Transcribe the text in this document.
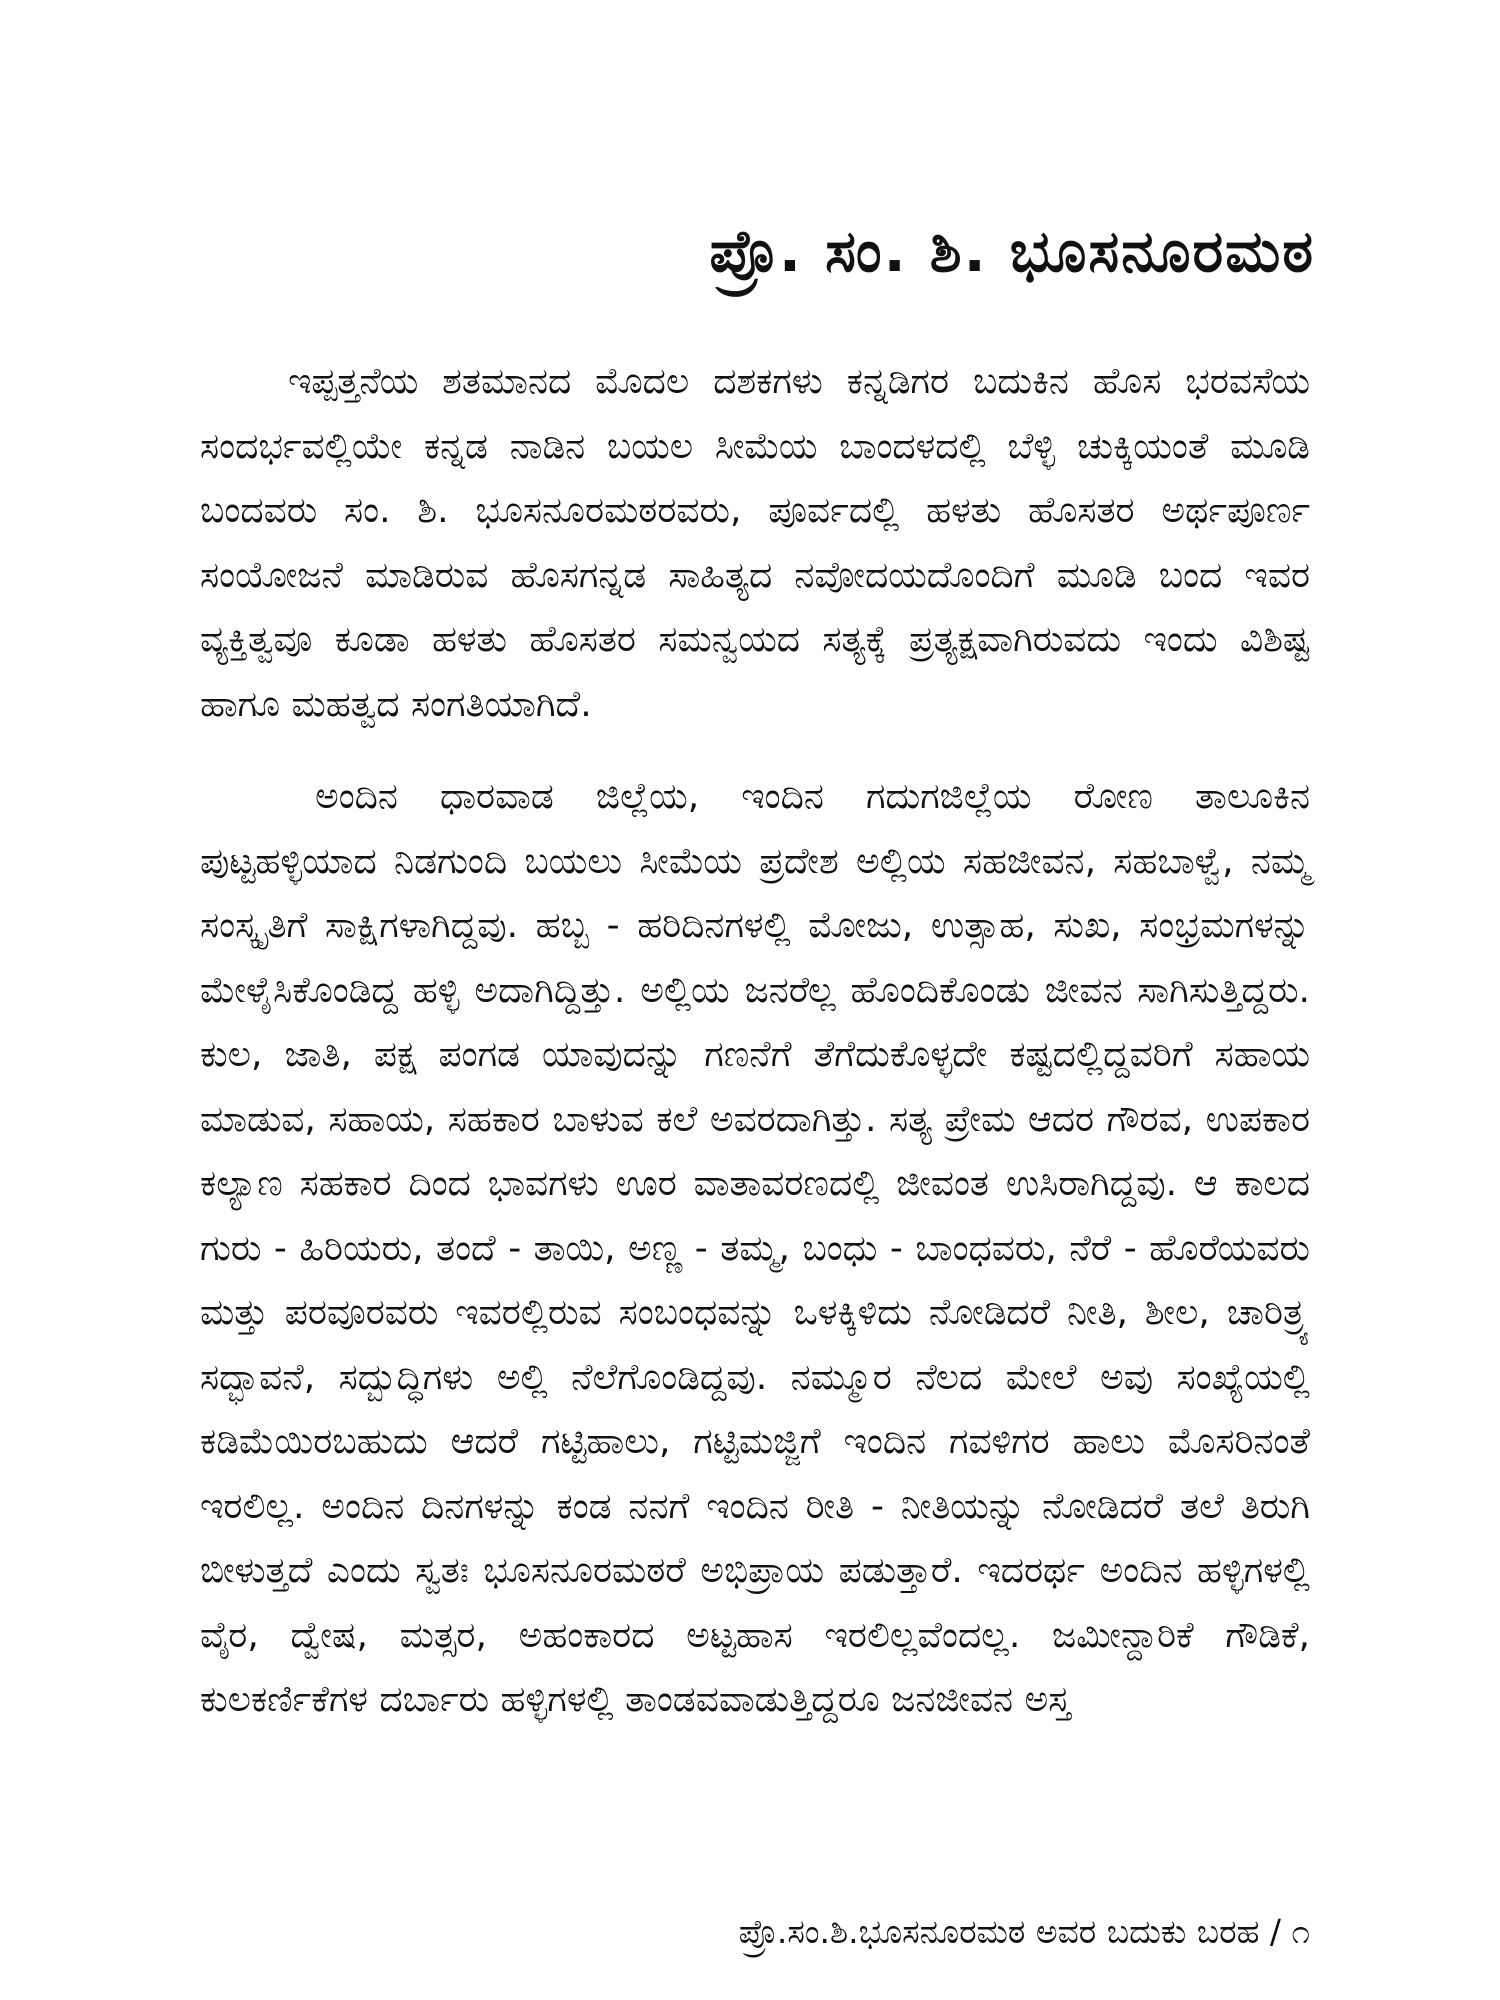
ಪ್ರೊ. ಸಂ. ಶಿ. ಭೂಸನೂರಮಠ

ಇಪ್ಪತ್ತನೆಯ ಶತಮಾನದ ಮೊದಲ ದಶಕಗಳು ಕನ್ನಡಿಗರ ಬದುಕಿನ ಹೊಸ ಭರವಸೆಯ ಸಂದರ್ಭವಲ್ಲಿಯೇ ಕನ್ನಡ ನಾಡಿನ ಬಯಲ ಸೀಮೆಯ ಬಾಂದಳದಲ್ಲಿ ಬೆಳ್ಳಿ ಚುಕ್ಕಿಯಂತೆ ಮೂಡಿ ಬಂದವರು ಸಂ. ಶಿ. ಭೂಸನೂರಮಠರವರು, ಪೂರ್ವದಲ್ಲಿ ಹಳತು ಹೊಸತರ ಅರ್ಥಪೂರ್ಣ ಸಂಯೋಜನೆ ಮಾಡಿರುವ ಹೊಸಗನ್ನಡ ಸಾಹಿತ್ಯದ ನವೋದಯದೊಂದಿಗೆ ಮೂಡಿ ಬಂದ ಇವರ ವ್ಯಕ್ತಿತ್ವವೂ ಕೂಡಾ ಹಳತು ಹೊಸತರ ಸಮನ್ವಯದ ಸತ್ಯಕ್ಕೆ ಪ್ರತ್ಯಕ್ಷವಾಗಿರುವದು ಇಂದು ವಿಶಿಷ್ಟ ಹಾಗೂ ಮಹತ್ವದ ಸಂಗತಿಯಾಗಿದೆ.

ಅಂದಿನ ಧಾರವಾಡ ಜಿಲ್ಲೆಯ, ಇಂದಿನ ಗದುಗಜಿಲ್ಲೆಯ ರೋಣ ತಾಲೂಕಿನ ಪುಟ್ಟಹಳ್ಳಿಯಾದ ನಿಡಗುಂದಿ ಬಯಲು ಸೀಮೆಯ ಪ್ರದೇಶ ಅಲ್ಲಿಯ ಸಹಜೀವನ, ಸಹಬಾಳ್ವೆ, ನಮ್ಮ ಸಂಸ್ಕೃತಿಗೆ ಸಾಕ್ಷಿಗಳಾಗಿದ್ದವು. ಹಬ್ಬ - ಹರಿದಿನಗಳಲ್ಲಿ ಮೋಜು, ಉತ್ಸಾಹ, ಸುಖ, ಸಂಭ್ರಮಗಳನ್ನು ಮೇಳೈಸಿಕೊಂಡಿದ್ದ ಹಳ್ಳಿ ಅದಾಗಿದ್ದಿತ್ತು. ಅಲ್ಲಿಯ ಜನರೆಲ್ಲ ಹೊಂದಿಕೊಂಡು ಜೀವನ ಸಾಗಿಸುತ್ತಿದ್ದರು. ಕುಲ, ಜಾತಿ, ಪಕ್ಷ ಪಂಗಡ ಯಾವುದನ್ನು ಗಣನೆಗೆ ತೆಗೆದುಕೊಳ್ಳದೇ ಕಷ್ಟದಲ್ಲಿದ್ದವರಿಗೆ ಸಹಾಯ ಮಾಡುವ, ಸಹಾಯ, ಸಹಕಾರ ಬಾಳುವ ಕಲೆ ಅವರದಾಗಿತ್ತು. ಸತ್ಯ ಪ್ರೇಮ ಆದರ ಗೌರವ, ಉಪಕಾರ ಕಲ್ಯಾಣ ಸಹಕಾರ ದಿಂದ ಭಾವಗಳು ಊರ ವಾತಾವರಣದಲ್ಲಿ ಜೀವಂತ ಉಸಿರಾಗಿದ್ದವು. ಆ ಕಾಲದ ಗುರು - ಹಿರಿಯರು, ತಂದೆ - ತಾಯಿ, ಅಣ್ಣ - ತಮ್ಮ, ಬಂಧು - ಬಾಂಧವರು, ನೆರೆ - ಹೊರೆಯವರು ಮತ್ತು ಪರವೂರವರು ಇವರಲ್ಲಿರುವ ಸಂಬಂಧವನ್ನು ಒಳಕ್ಕಿಳಿದು ನೋಡಿದರೆ ನೀತಿ, ಶೀಲ, ಚಾರಿತ್ರ್ಯ ಸದ್ಭಾವನೆ, ಸದ್ಬುದ್ಧಿಗಳು ಅಲ್ಲಿ ನೆಲೆಗೊಂಡಿದ್ದವು. ನಮ್ಮೂರ ನೆಲದ ಮೇಲೆ ಅವು ಸಂಖ್ಯೆಯಲ್ಲಿ ಕಡಿಮೆಯಿರಬಹುದು ಆದರೆ ಗಟ್ಟಿಹಾಲು, ಗಟ್ಟಿಮಜ್ಜಿಗೆ ಇಂದಿನ ಗವಳಿಗರ ಹಾಲು ಮೊಸರಿನಂತೆ ಇರಲಿಲ್ಲ. ಅಂದಿನ ದಿನಗಳನ್ನು ಕಂಡ ನನಗೆ ಇಂದಿನ ರೀತಿ - ನೀತಿಯನ್ನು ನೋಡಿದರೆ ತಲೆ ತಿರುಗಿ ಬೀಳುತ್ತದೆ ಎಂದು ಸ್ವತಃ ಭೂಸನೂರಮಠರೆ ಅಭಿಪ್ರಾಯ ಪಡುತ್ತಾರೆ. ಇದರರ್ಥ ಅಂದಿನ ಹಳ್ಳಿಗಳಲ್ಲಿ ವೈರ, ದ್ವೇಷ, ಮತ್ಸರ, ಅಹಂಕಾರದ ಅಟ್ಟಹಾಸ ಇರಲಿಲ್ಲವೆಂದಲ್ಲ. ಜಮೀನ್ದಾರಿಕೆ ಗೌಡಿಕೆ, ಕುಲಕರ್ಣಿಕೆಗಳ ದರ್ಬಾರು ಹಳ್ಳಿಗಳಲ್ಲಿ ತಾಂಡವವಾಡುತ್ತಿದ್ದರೂ ಜನಜೀವನ ಅಸ್ತ

ಪ್ರೊ.ಸಂ.ಶಿ.ಭೂಸನೂರಮಠ ಅವರ ಬದುಕು ಬರಹ / ೧
